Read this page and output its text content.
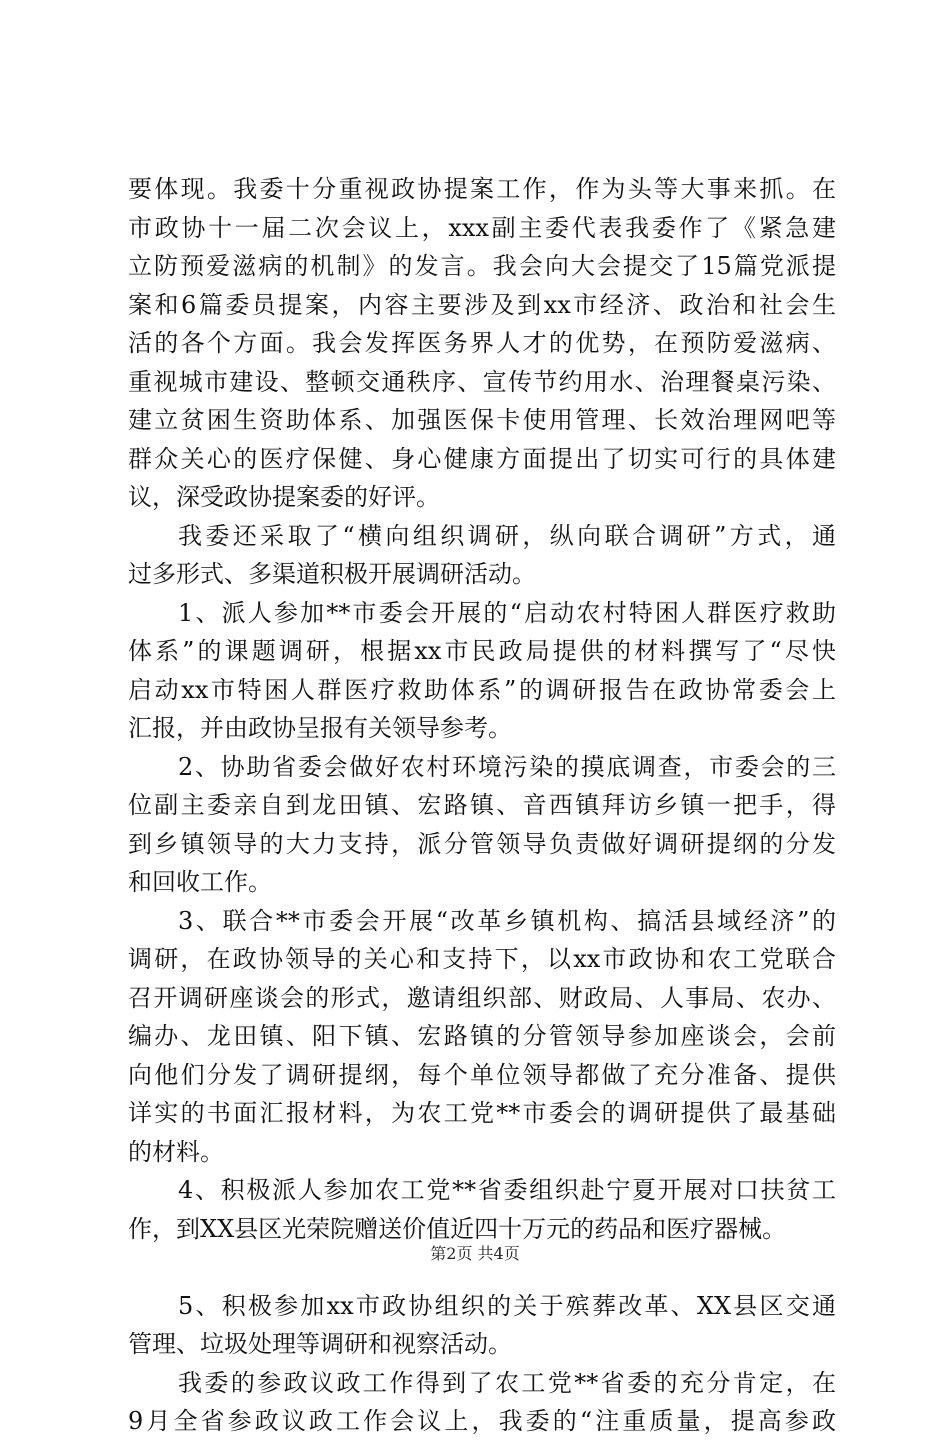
要体现。我委十分重视政协提案工作，作为头等大事来抓。在
市政协十一届二次会议上，xxx副主委代表我委作了《紧急建
立防预爱滋病的机制》的发言。我会向大会提交了15篇党派提
案和6篇委员提案，内容主要涉及到xx市经济、政治和社会生
活的各个方面。我会发挥医务界人才的优势，在预防爱滋病、
重视城市建设、整顿交通秩序、宣传节约用水、治理餐桌污染、
建立贫困生资助体系、加强医保卡使用管理、长效治理网吧等
群众关心的医疗保健、身心健康方面提出了切实可行的具体建
议，深受政协提案委的好评。
我委还采取了“横向组织调研，纵向联合调研”方式，通
过多形式、多渠道积极开展调研活动。
1、派人参加**市委会开展的“启动农村特困人群医疗救助
体系”的课题调研，根据xx市民政局提供的材料撰写了“尽快
启动xx市特困人群医疗救助体系”的调研报告在政协常委会上
汇报，并由政协呈报有关领导参考。
2、协助省委会做好农村环境污染的摸底调查，市委会的三
位副主委亲自到龙田镇、宏路镇、音西镇拜访乡镇一把手，得
到乡镇领导的大力支持，派分管领导负责做好调研提纲的分发
和回收工作。
3、联合**市委会开展“改革乡镇机构、搞活县域经济”的
调研，在政协领导的关心和支持下，以xx市政协和农工党联合
召开调研座谈会的形式，邀请组织部、财政局、人事局、农办、
编办、龙田镇、阳下镇、宏路镇的分管领导参加座谈会，会前
向他们分发了调研提纲，每个单位领导都做了充分准备、提供
详实的书面汇报材料，为农工党**市委会的调研提供了最基础
的材料。
4、积极派人参加农工党**省委组织赴宁夏开展对口扶贫工
作，到XX县区光荣院赠送价值近四十万元的药品和医疗器械。
5、积极参加xx市政协组织的关于殡葬改革、XX县区交通
管理、垃圾处理等调研和视察活动。
我委的参政议政工作得到了农工党**省委的充分肯定，在
9月全省参政议政工作会议上，我委的“注重质量，提高参政
第2页 共4页
